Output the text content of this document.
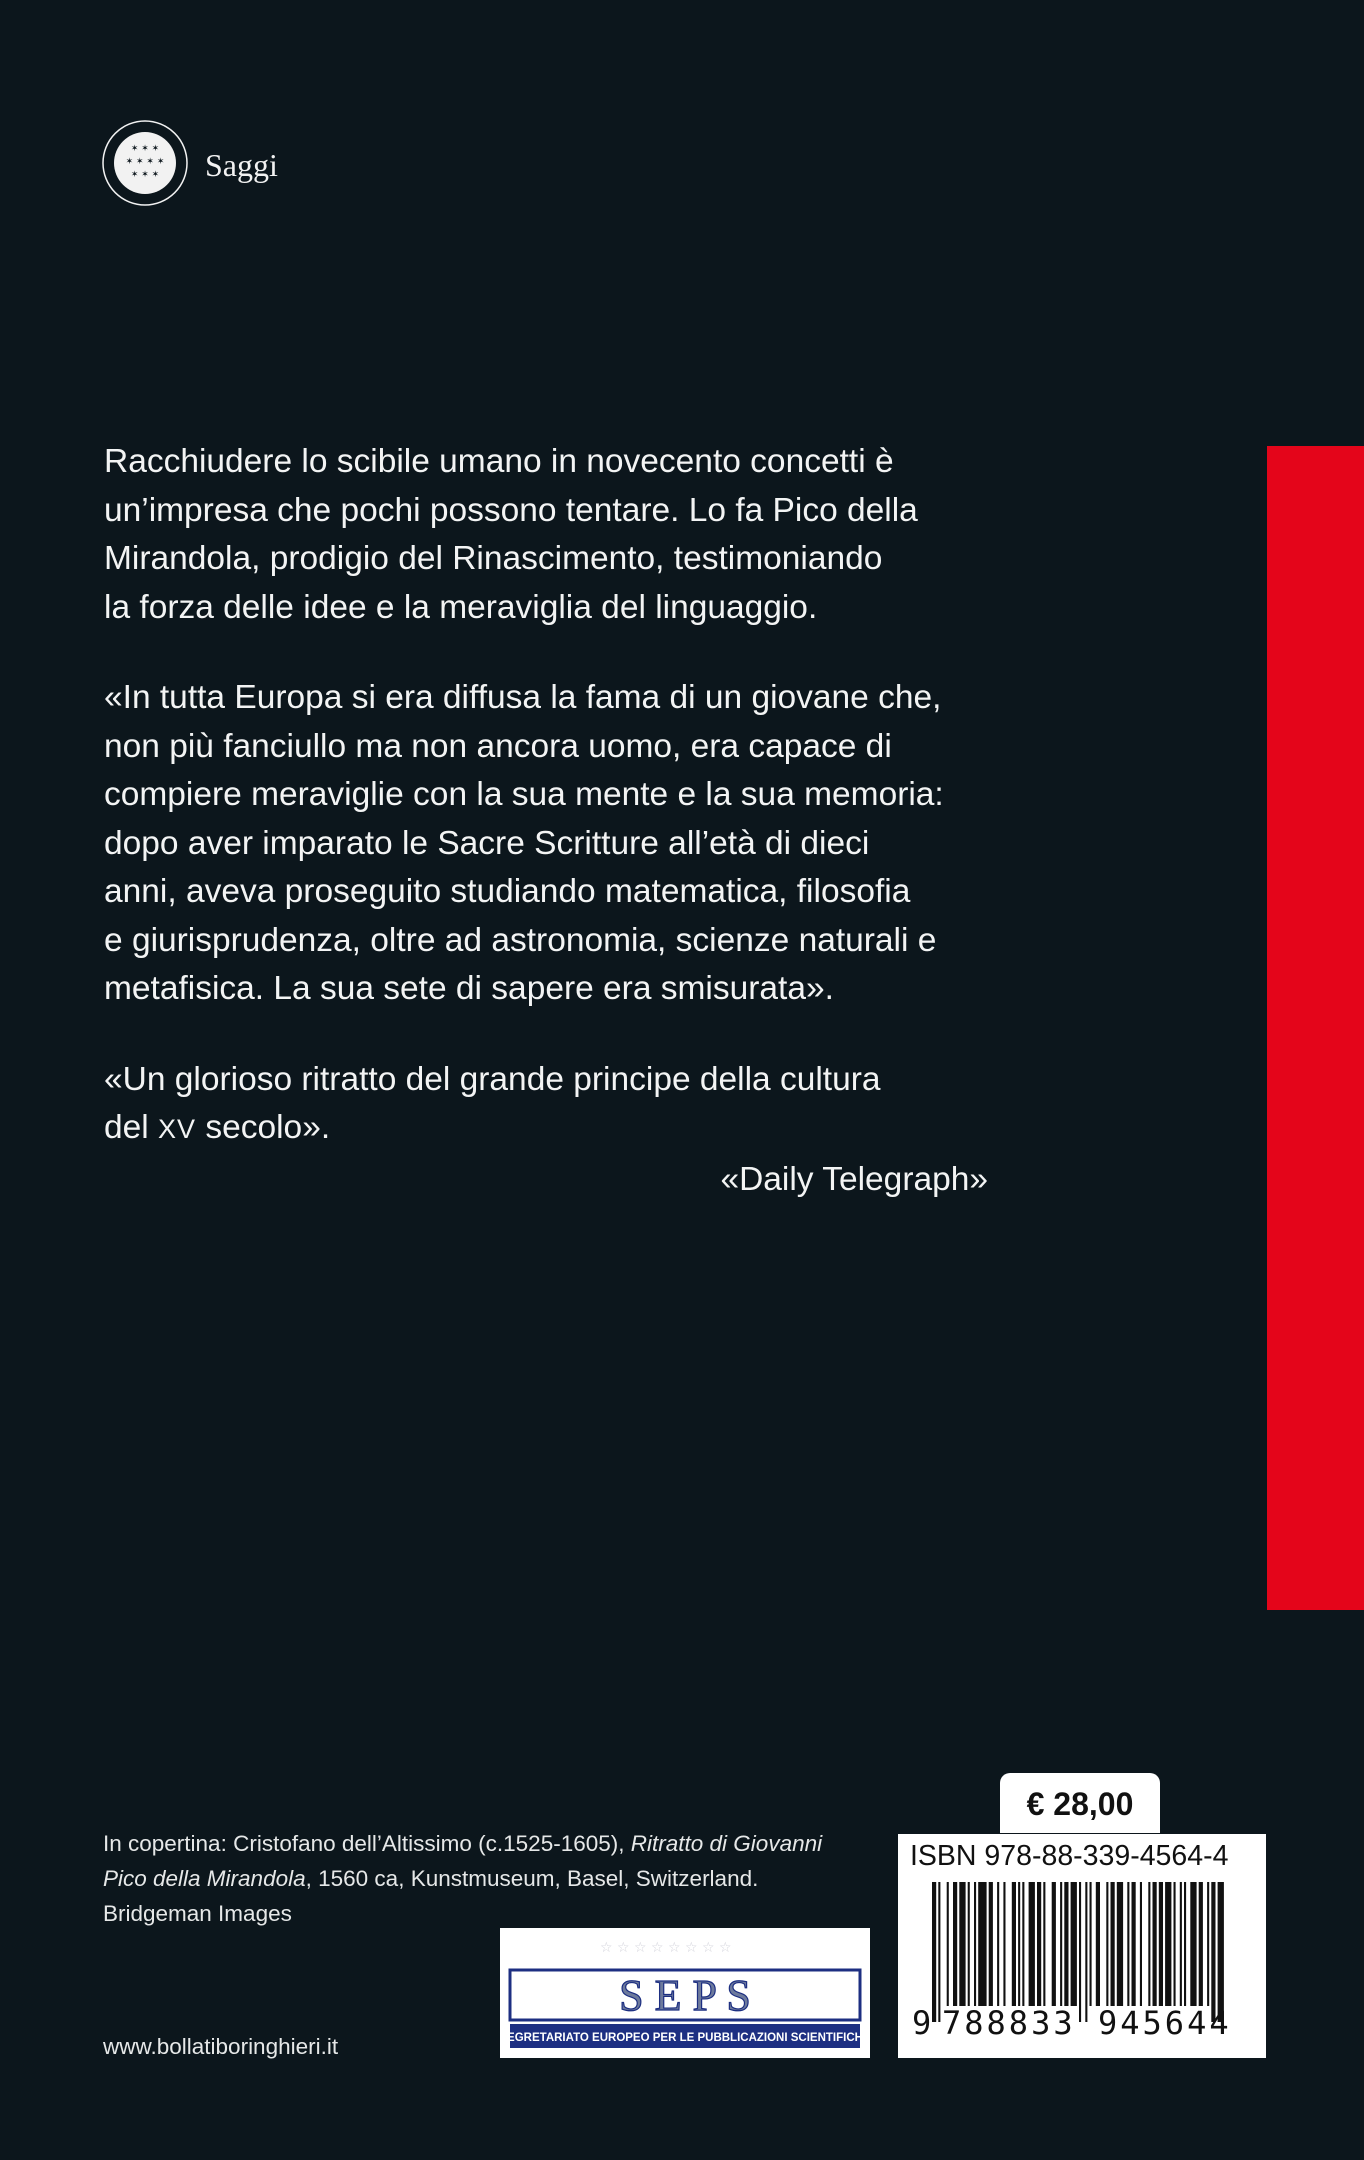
✶ ✶ ✶
✶ ✶ ✶ ✶
✶ ✶ ✶ Saggi

Racchiudere lo scibile umano in novecento concetti è
un’impresa che pochi possono tentare. Lo fa Pico della
Mirandola, prodigio del Rinascimento, testimoniando
la forza delle idee e la meraviglia del linguaggio.

«In tutta Europa si era diffusa la fama di un giovane che,
non più fanciullo ma non ancora uomo, era capace di
compiere meraviglie con la sua mente e la sua memoria:
dopo aver imparato le Sacre Scritture all’età di dieci
anni, aveva proseguito studiando matematica, filosofia
e giurisprudenza, oltre ad astronomia, scienze naturali e
metafisica. La sua sete di sapere era smisurata».

«Un glorioso ritratto del grande principe della cultura
del XV secolo».
«Daily Telegraph»

In copertina: Cristofano dell’Altissimo (c.1525-1605), Ritratto di Giovanni
Pico della Mirandola, 1560 ca, Kunstmuseum, Basel, Switzerland.
Bridgeman Images
www.bollatiboringhieri.it
☆ ☆ ☆ ☆ ☆ ☆ ☆ ☆
S E P S
SEGRETARIATO EUROPEO PER LE PUBBLICAZIONI SCIENTIFICHE
€ 28,00
ISBN 978-88-339-4564-4
9 788833 945644
